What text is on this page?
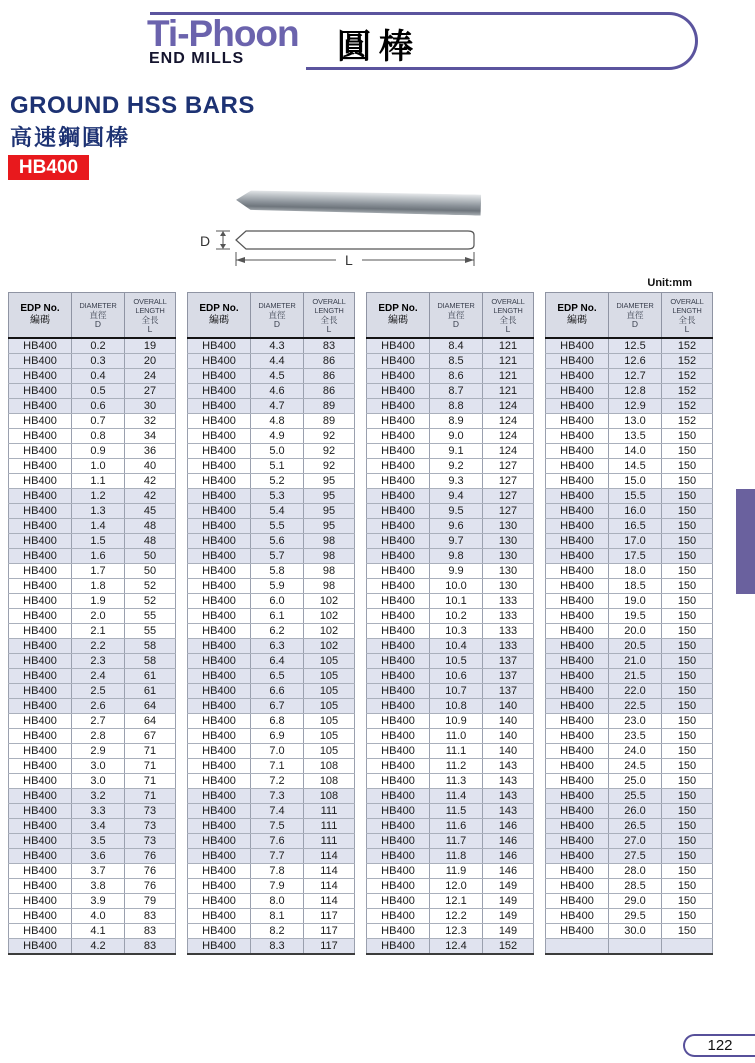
Ti-Phoon
END MILLS	圓棒
GROUND HSS BARS
高速鋼圓棒
HB400
D
L
Unit:mm
EDP No.
編碼

DIAMETER
直徑
D

OVERALL
LENGTH
全長
L

HB400	0.2	19
HB400	0.3	20
HB400	0.4	24
HB400	0.5	27
HB400	0.6	30
HB400	0.7	32
HB400	0.8	34
HB400	0.9	36
HB400	1.0	40
HB400	1.1	42
HB400	1.2	42
HB400	1.3	45
HB400	1.4	48
HB400	1.5	48
HB400	1.6	50
HB400	1.7	50
HB400	1.8	52
HB400	1.9	52
HB400	2.0	55
HB400	2.1	55
HB400	2.2	58
HB400	2.3	58
HB400	2.4	61
HB400	2.5	61
HB400	2.6	64
HB400	2.7	64
HB400	2.8	67
HB400	2.9	71
HB400	3.0	71
HB400	3.0	71
HB400	3.2	71
HB400	3.3	73
HB400	3.4	73
HB400	3.5	73
HB400	3.6	76
HB400	3.7	76
HB400	3.8	76
HB400	3.9	79
HB400	4.0	83
HB400	4.1	83
HB400	4.2	83
EDP No.
編碼

DIAMETER
直徑
D

OVERALL
LENGTH
全長
L

HB400	4.3	83
HB400	4.4	86
HB400	4.5	86
HB400	4.6	86
HB400	4.7	89
HB400	4.8	89
HB400	4.9	92
HB400	5.0	92
HB400	5.1	92
HB400	5.2	95
HB400	5.3	95
HB400	5.4	95
HB400	5.5	95
HB400	5.6	98
HB400	5.7	98
HB400	5.8	98
HB400	5.9	98
HB400	6.0	102
HB400	6.1	102
HB400	6.2	102
HB400	6.3	102
HB400	6.4	105
HB400	6.5	105
HB400	6.6	105
HB400	6.7	105
HB400	6.8	105
HB400	6.9	105
HB400	7.0	105
HB400	7.1	108
HB400	7.2	108
HB400	7.3	108
HB400	7.4	111
HB400	7.5	111
HB400	7.6	111
HB400	7.7	114
HB400	7.8	114
HB400	7.9	114
HB400	8.0	114
HB400	8.1	117
HB400	8.2	117
HB400	8.3	117
EDP No.
編碼

DIAMETER
直徑
D

OVERALL
LENGTH
全長
L

HB400	8.4	121
HB400	8.5	121
HB400	8.6	121
HB400	8.7	121
HB400	8.8	124
HB400	8.9	124
HB400	9.0	124
HB400	9.1	124
HB400	9.2	127
HB400	9.3	127
HB400	9.4	127
HB400	9.5	127
HB400	9.6	130
HB400	9.7	130
HB400	9.8	130
HB400	9.9	130
HB400	10.0	130
HB400	10.1	133
HB400	10.2	133
HB400	10.3	133
HB400	10.4	133
HB400	10.5	137
HB400	10.6	137
HB400	10.7	137
HB400	10.8	140
HB400	10.9	140
HB400	11.0	140
HB400	11.1	140
HB400	11.2	143
HB400	11.3	143
HB400	11.4	143
HB400	11.5	143
HB400	11.6	146
HB400	11.7	146
HB400	11.8	146
HB400	11.9	146
HB400	12.0	149
HB400	12.1	149
HB400	12.2	149
HB400	12.3	149
HB400	12.4	152
EDP No.
編碼

DIAMETER
直徑
D

OVERALL
LENGTH
全長
L

HB400	12.5	152
HB400	12.6	152
HB400	12.7	152
HB400	12.8	152
HB400	12.9	152
HB400	13.0	152
HB400	13.5	150
HB400	14.0	150
HB400	14.5	150
HB400	15.0	150
HB400	15.5	150
HB400	16.0	150
HB400	16.5	150
HB400	17.0	150
HB400	17.5	150
HB400	18.0	150
HB400	18.5	150
HB400	19.0	150
HB400	19.5	150
HB400	20.0	150
HB400	20.5	150
HB400	21.0	150
HB400	21.5	150
HB400	22.0	150
HB400	22.5	150
HB400	23.0	150
HB400	23.5	150
HB400	24.0	150
HB400	24.5	150
HB400	25.0	150
HB400	25.5	150
HB400	26.0	150
HB400	26.5	150
HB400	27.0	150
HB400	27.5	150
HB400	28.0	150
HB400	28.5	150
HB400	29.0	150
HB400	29.5	150
HB400	30.0	150

122
